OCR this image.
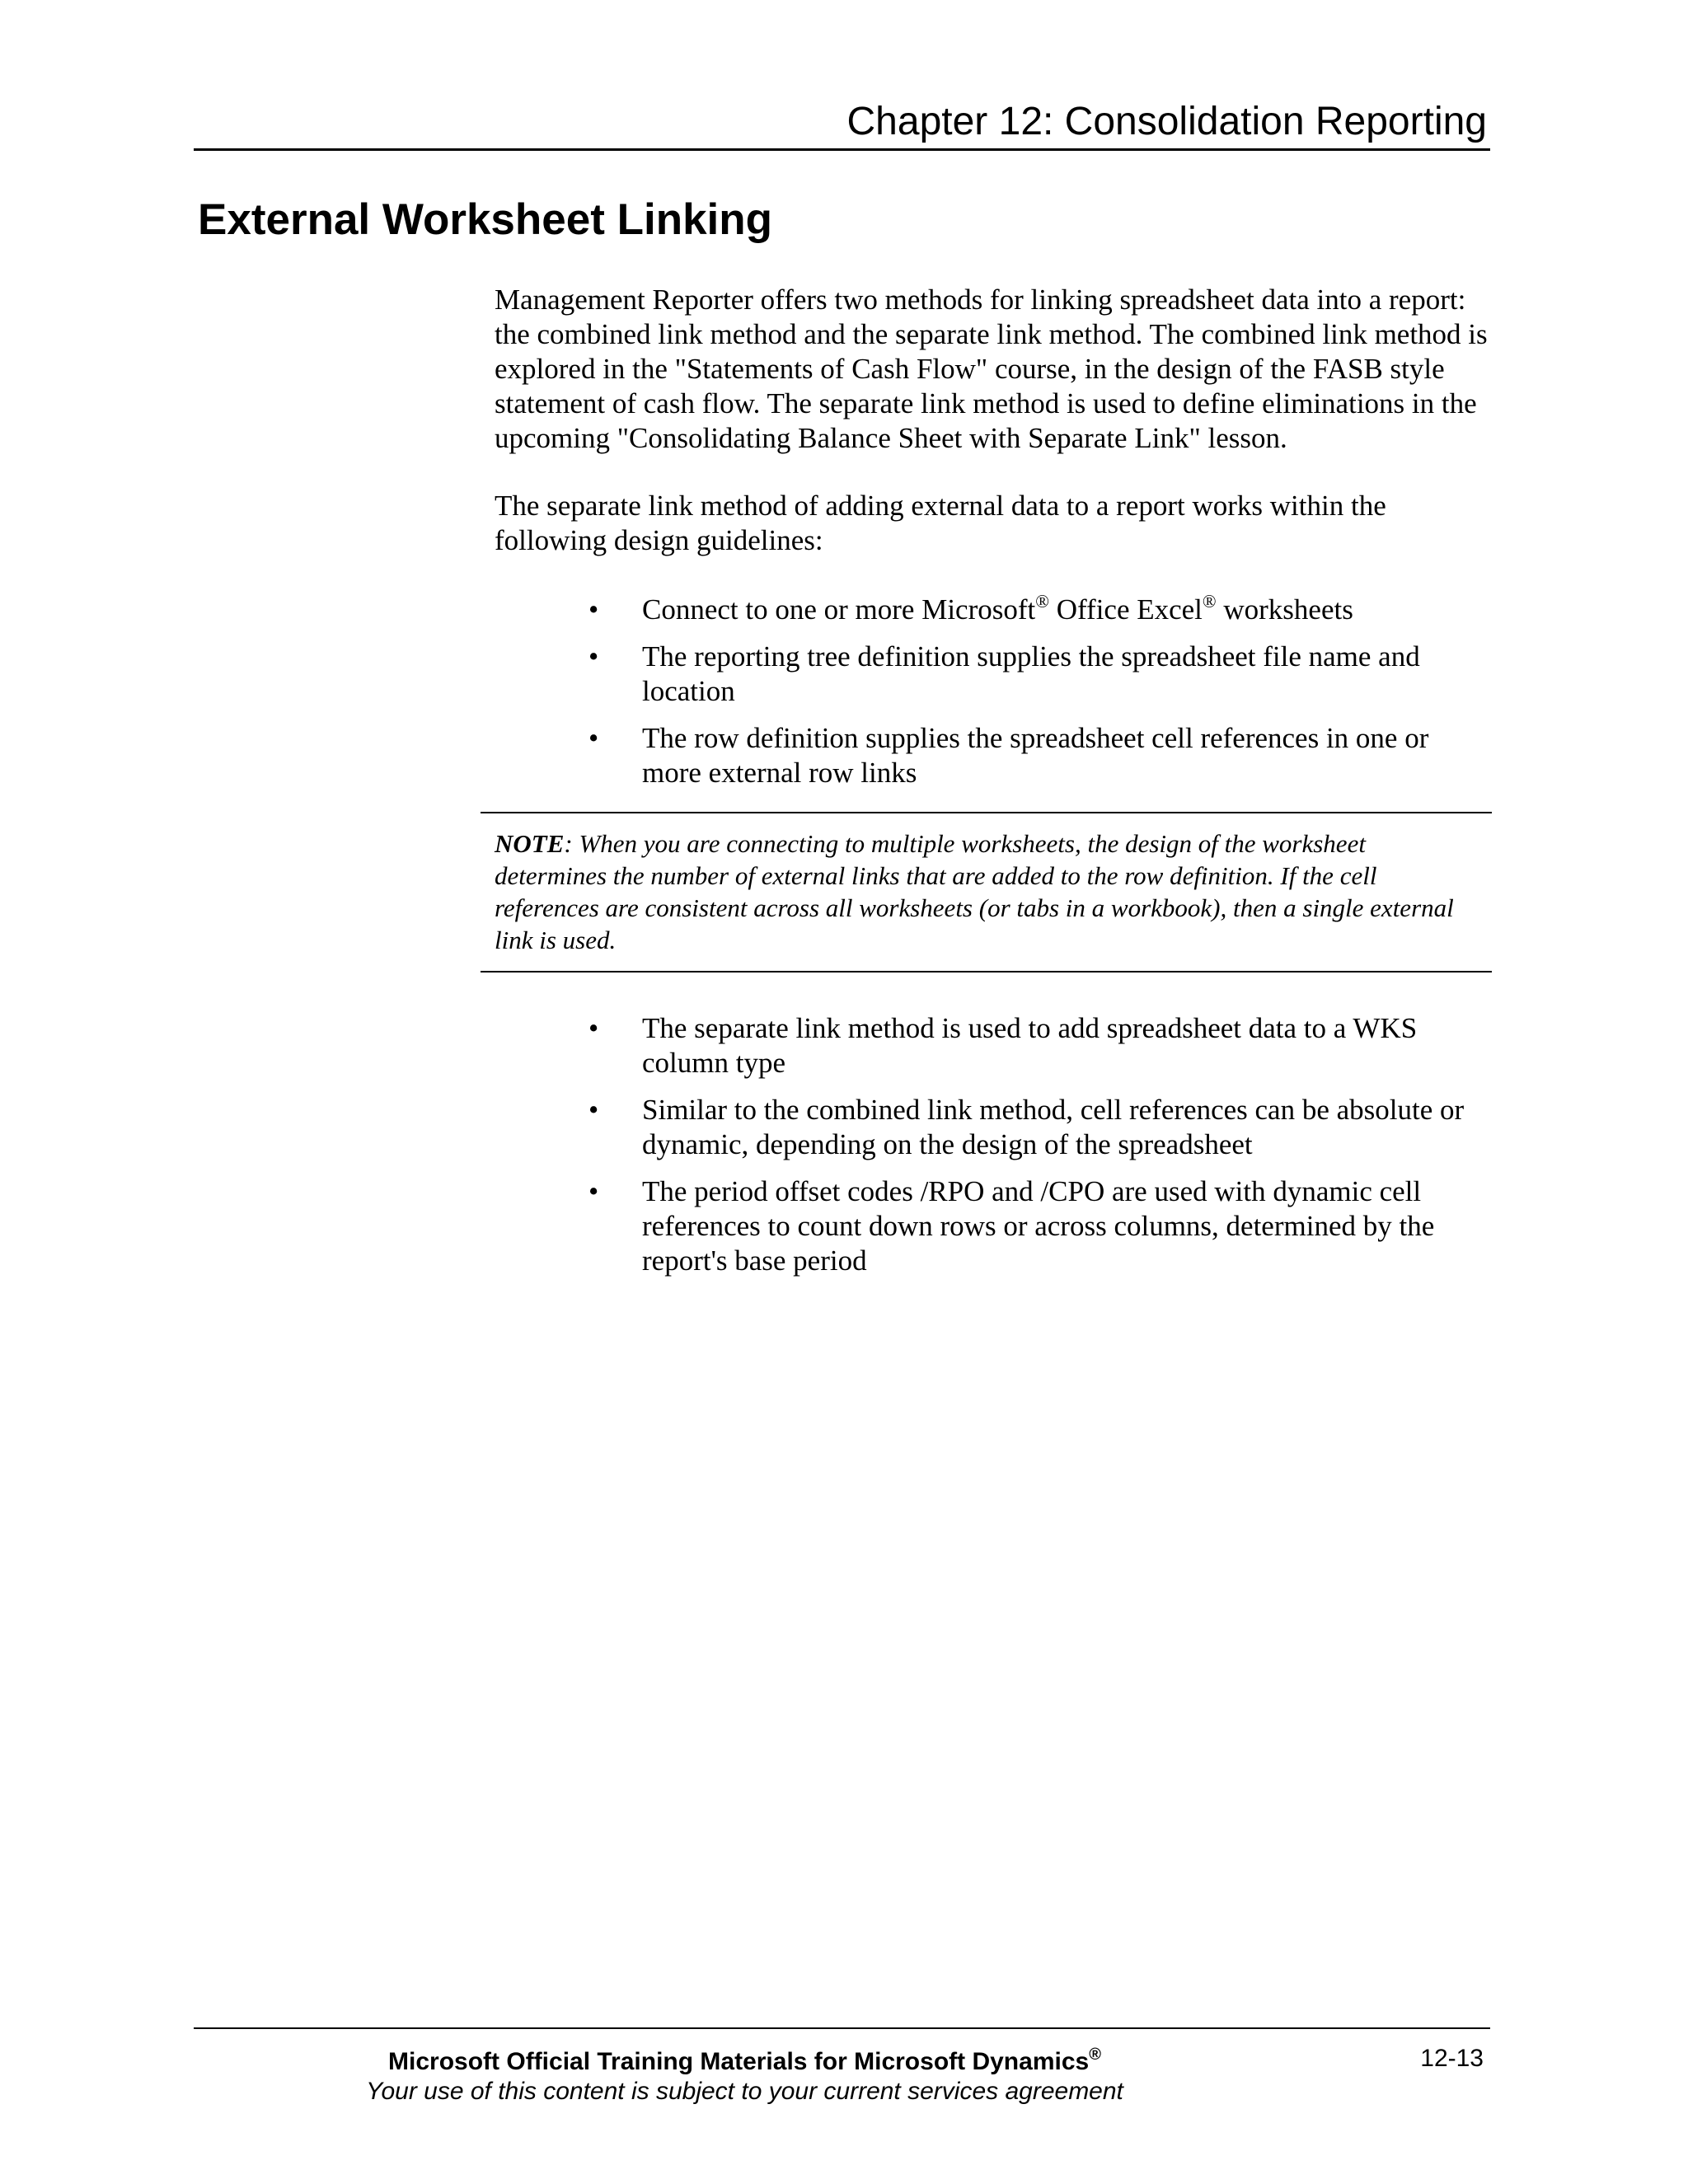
Chapter 12: Consolidation Reporting
External Worksheet Linking

Management Reporter offers two methods for linking spreadsheet data into a report: the combined link method and the separate link method. The combined link method is explored in the "Statements of Cash Flow" course, in the design of the FASB style statement of cash flow. The separate link method is used to define eliminations in the upcoming "Consolidating Balance Sheet with Separate Link" lesson.

The separate link method of adding external data to a report works within the following design guidelines:

• Connect to one or more Microsoft® Office Excel® worksheets
• The reporting tree definition supplies the spreadsheet file name and location
• The row definition supplies the spreadsheet cell references in one or more external row links
NOTE: When you are connecting to multiple worksheets, the design of the worksheet determines the number of external links that are added to the row definition. If the cell references are consistent across all worksheets (or tabs in a workbook), then a single external link is used.
• The separate link method is used to add spreadsheet data to a WKS column type
• Similar to the combined link method, cell references can be absolute or dynamic, depending on the design of the spreadsheet
• The period offset codes /RPO and /CPO are used with dynamic cell references to count down rows or across columns, determined by the report's base period
Microsoft Official Training Materials for Microsoft Dynamics®
Your use of this content is subject to your current services agreement
12-13
